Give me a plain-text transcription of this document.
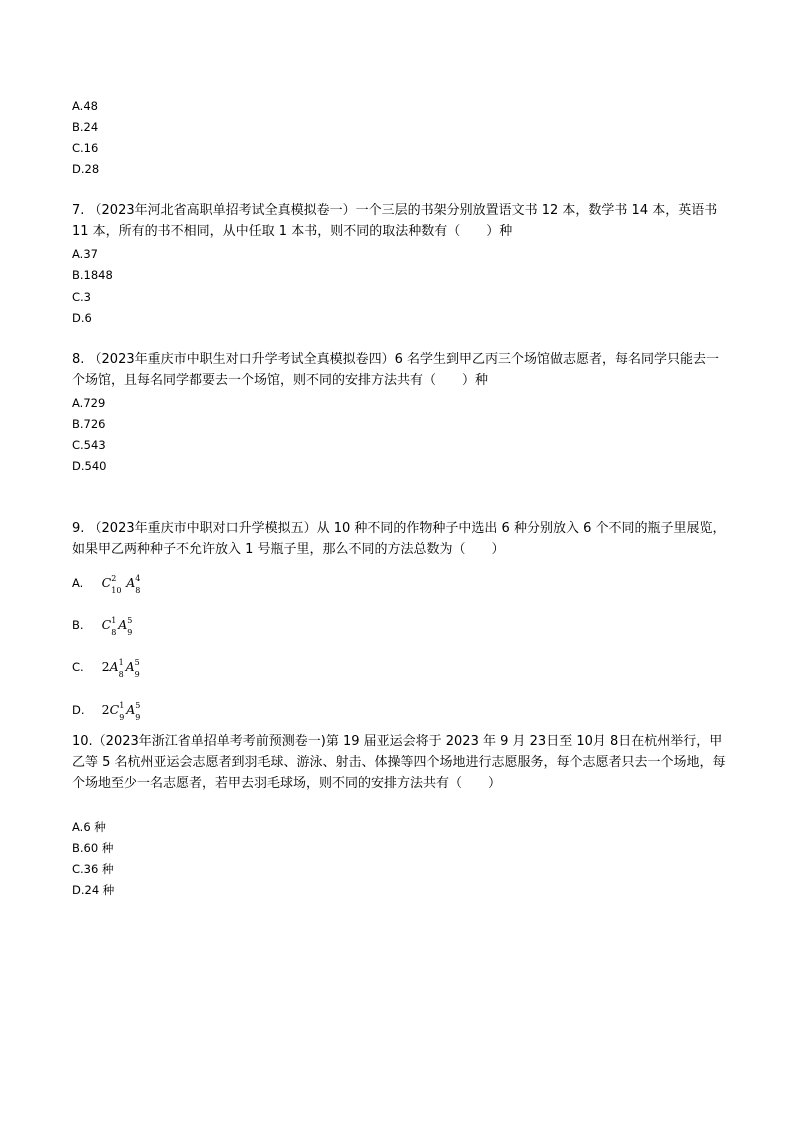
A.48
B.24
C.16
D.28
7. （2023年河北省高职单招考试全真模拟卷一）一个三层的书架分别放置语文书 12 本，数学书 14 本，英语书 11 本，所有的书不相同，从中任取 1 本书，则不同的取法种数有（　　）种
A.37
B.1848
C.3
D.6
8. （2023年重庆市中职生对口升学考试全真模拟卷四）6 名学生到甲乙丙三个场馆做志愿者，每名同学只能去一个场馆，且每名同学都要去一个场馆，则不同的安排方法共有（　　）种
A.729
B.726
C.543
D.540
9. （2023年重庆市中职对口升学模拟五）从 10 种不同的作物种子中选出 6 种分别放入 6 个不同的瓶子里展览，如果甲乙两种种子不允许放入 1 号瓶子里，那么不同的方法总数为（　　）
A. C 2
10 A 4
8
B. C 1
8 A 5
9
C. 2A 1
8 A 5
9
D. 2C 1
9 A 5
9
10.（2023年浙江省单招单考考前预测卷一)第 19 届亚运会将于 2023 年 9 月 23日至 10月 8日在杭州举行，甲乙等 5 名杭州亚运会志愿者到羽毛球、游泳、射击、体操等四个场地进行志愿服务，每个志愿者只去一个场地，每个场地至少一名志愿者，若甲去羽毛球场，则不同的安排方法共有（　　）
A.6 种
B.60 种
C.36 种
D.24 种
